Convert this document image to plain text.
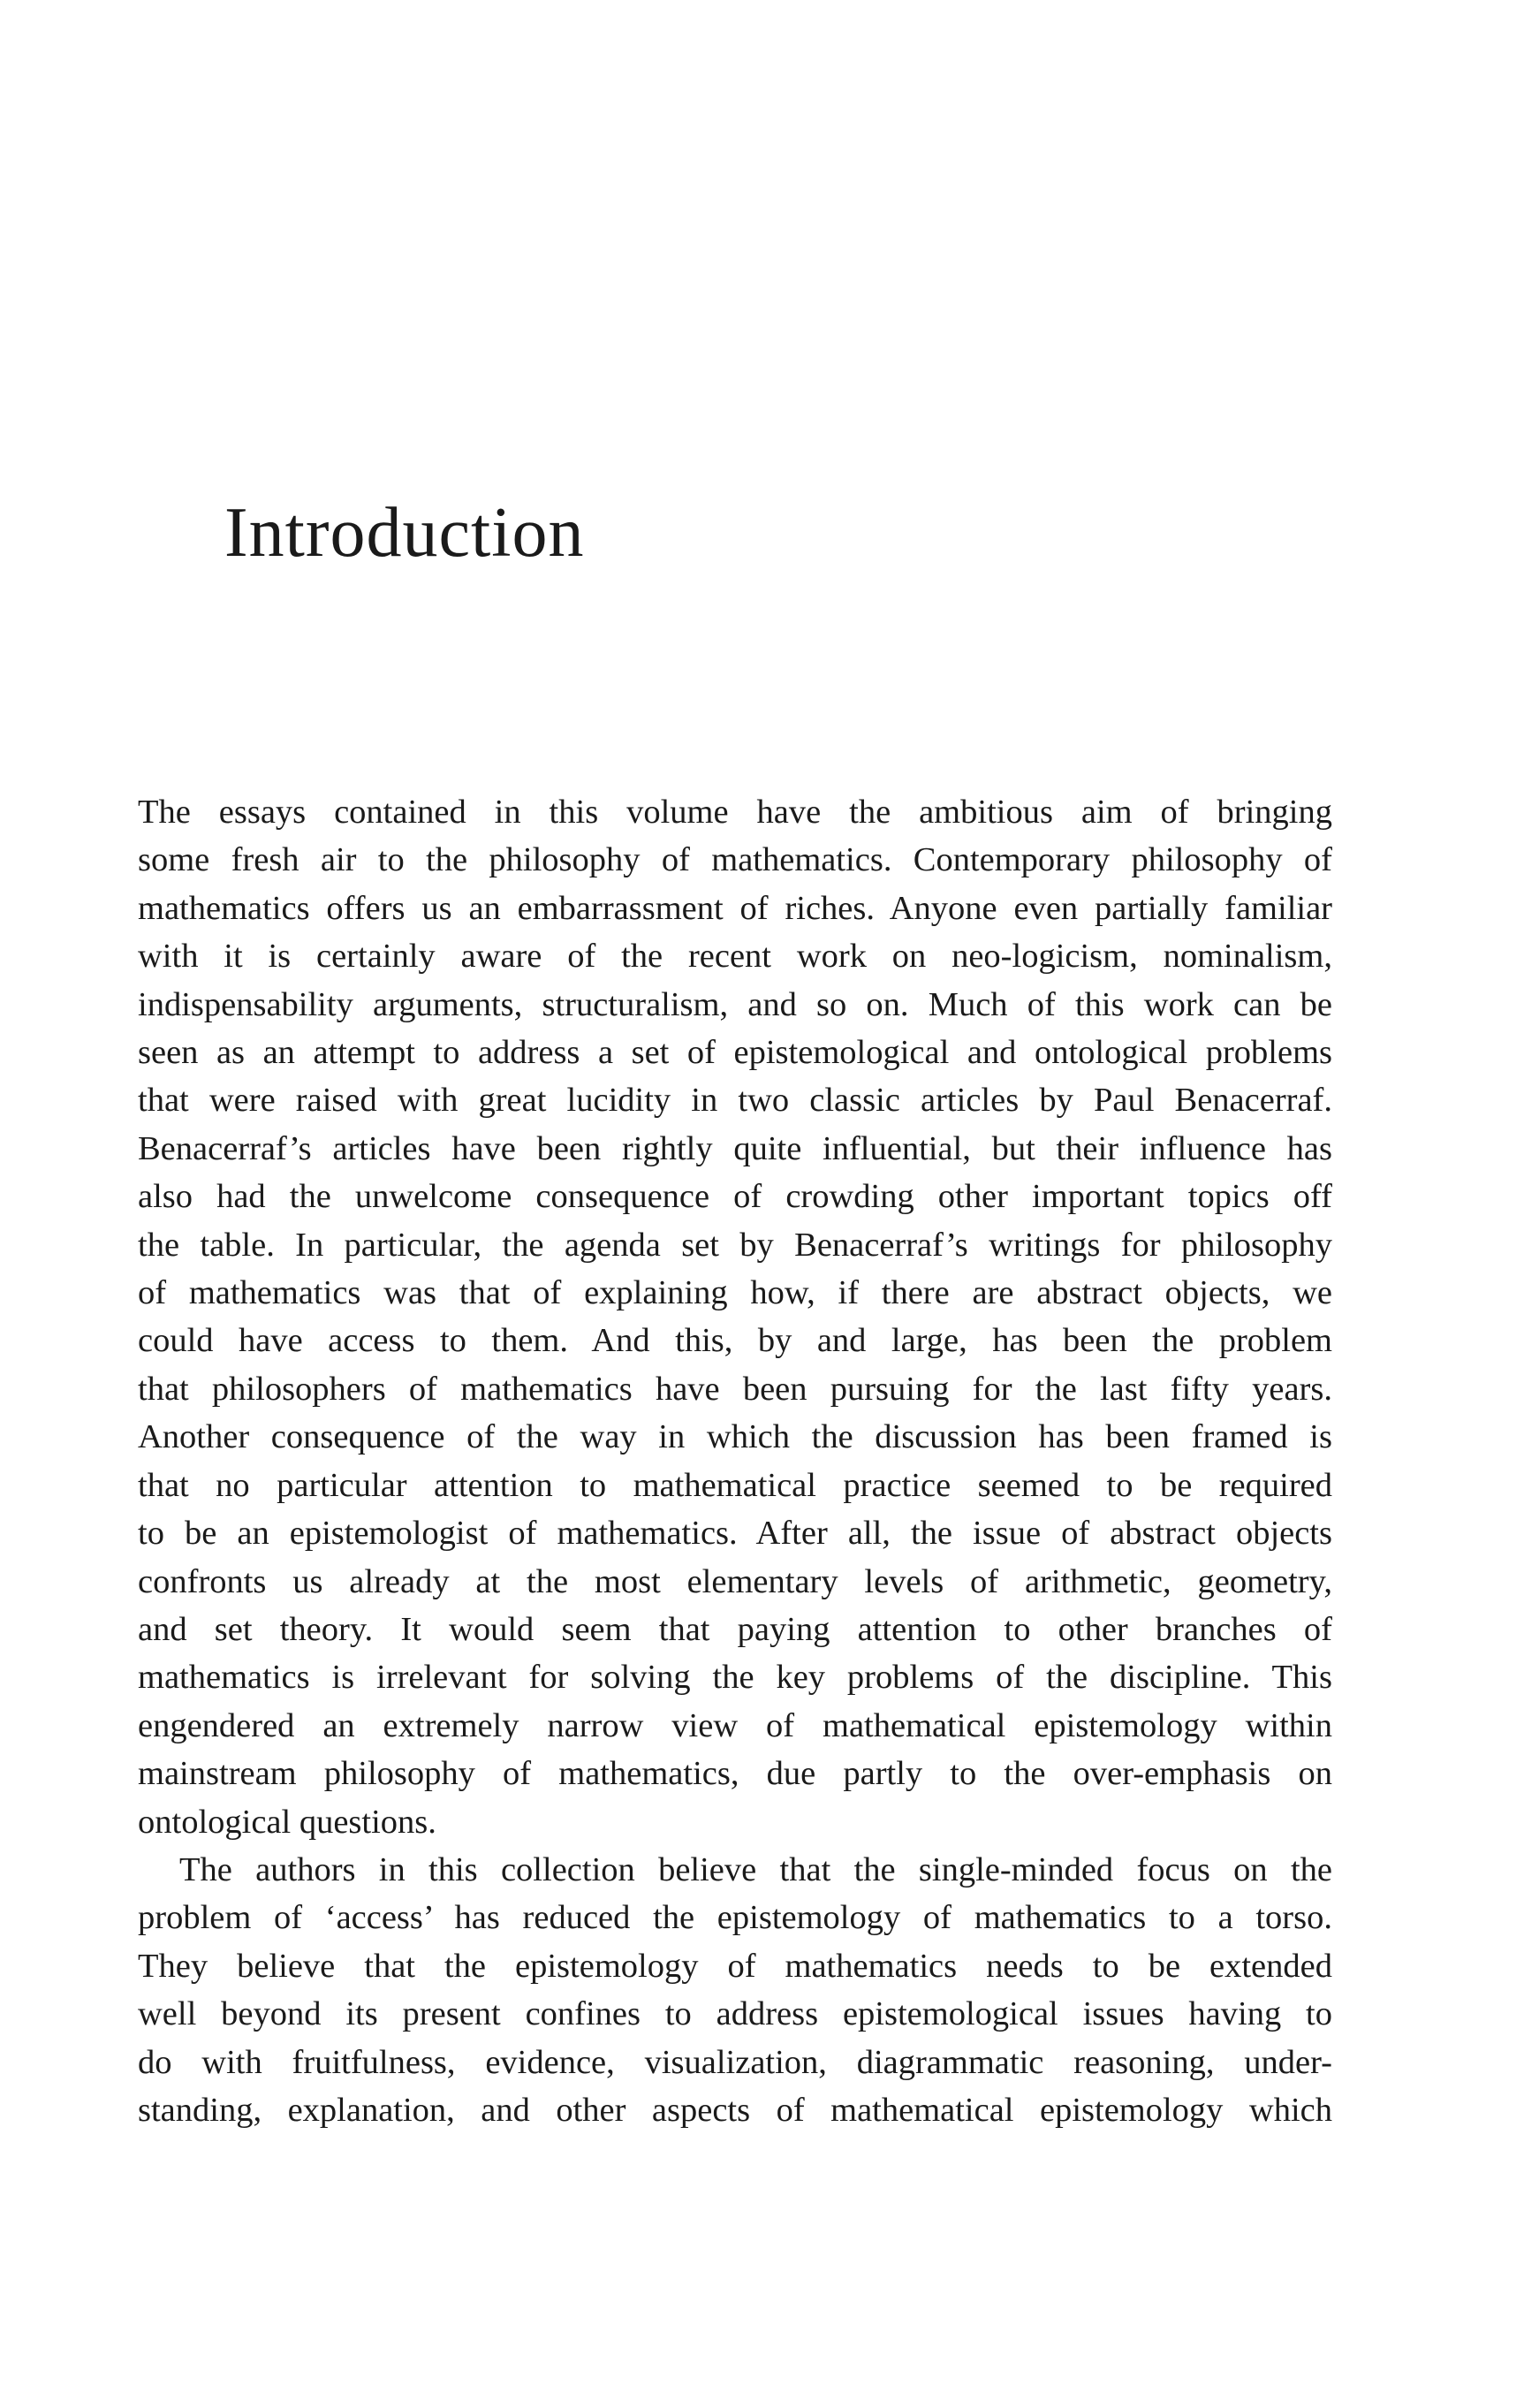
Introduction

The essays contained in this volume have the ambitious aim of bringing
some fresh air to the philosophy of mathematics. Contemporary philosophy of
mathematics offers us an embarrassment of riches. Anyone even partially familiar
with it is certainly aware of the recent work on neo-logicism, nominalism,
indispensability arguments, structuralism, and so on. Much of this work can be
seen as an attempt to address a set of epistemological and ontological problems
that were raised with great lucidity in two classic articles by Paul Benacerraf.
Benacerraf’s articles have been rightly quite influential, but their influence has
also had the unwelcome consequence of crowding other important topics off
the table. In particular, the agenda set by Benacerraf’s writings for philosophy
of mathematics was that of explaining how, if there are abstract objects, we
could have access to them. And this, by and large, has been the problem
that philosophers of mathematics have been pursuing for the last fifty years.
Another consequence of the way in which the discussion has been framed is
that no particular attention to mathematical practice seemed to be required
to be an epistemologist of mathematics. After all, the issue of abstract objects
confronts us already at the most elementary levels of arithmetic, geometry,
and set theory. It would seem that paying attention to other branches of
mathematics is irrelevant for solving the key problems of the discipline. This
engendered an extremely narrow view of mathematical epistemology within
mainstream philosophy of mathematics, due partly to the over-emphasis on
ontological questions.

The authors in this collection believe that the single-minded focus on the
problem of ‘access’ has reduced the epistemology of mathematics to a torso.
They believe that the epistemology of mathematics needs to be extended
well beyond its present confines to address epistemological issues having to
do with fruitfulness, evidence, visualization, diagrammatic reasoning, under-
standing, explanation, and other aspects of mathematical epistemology which
